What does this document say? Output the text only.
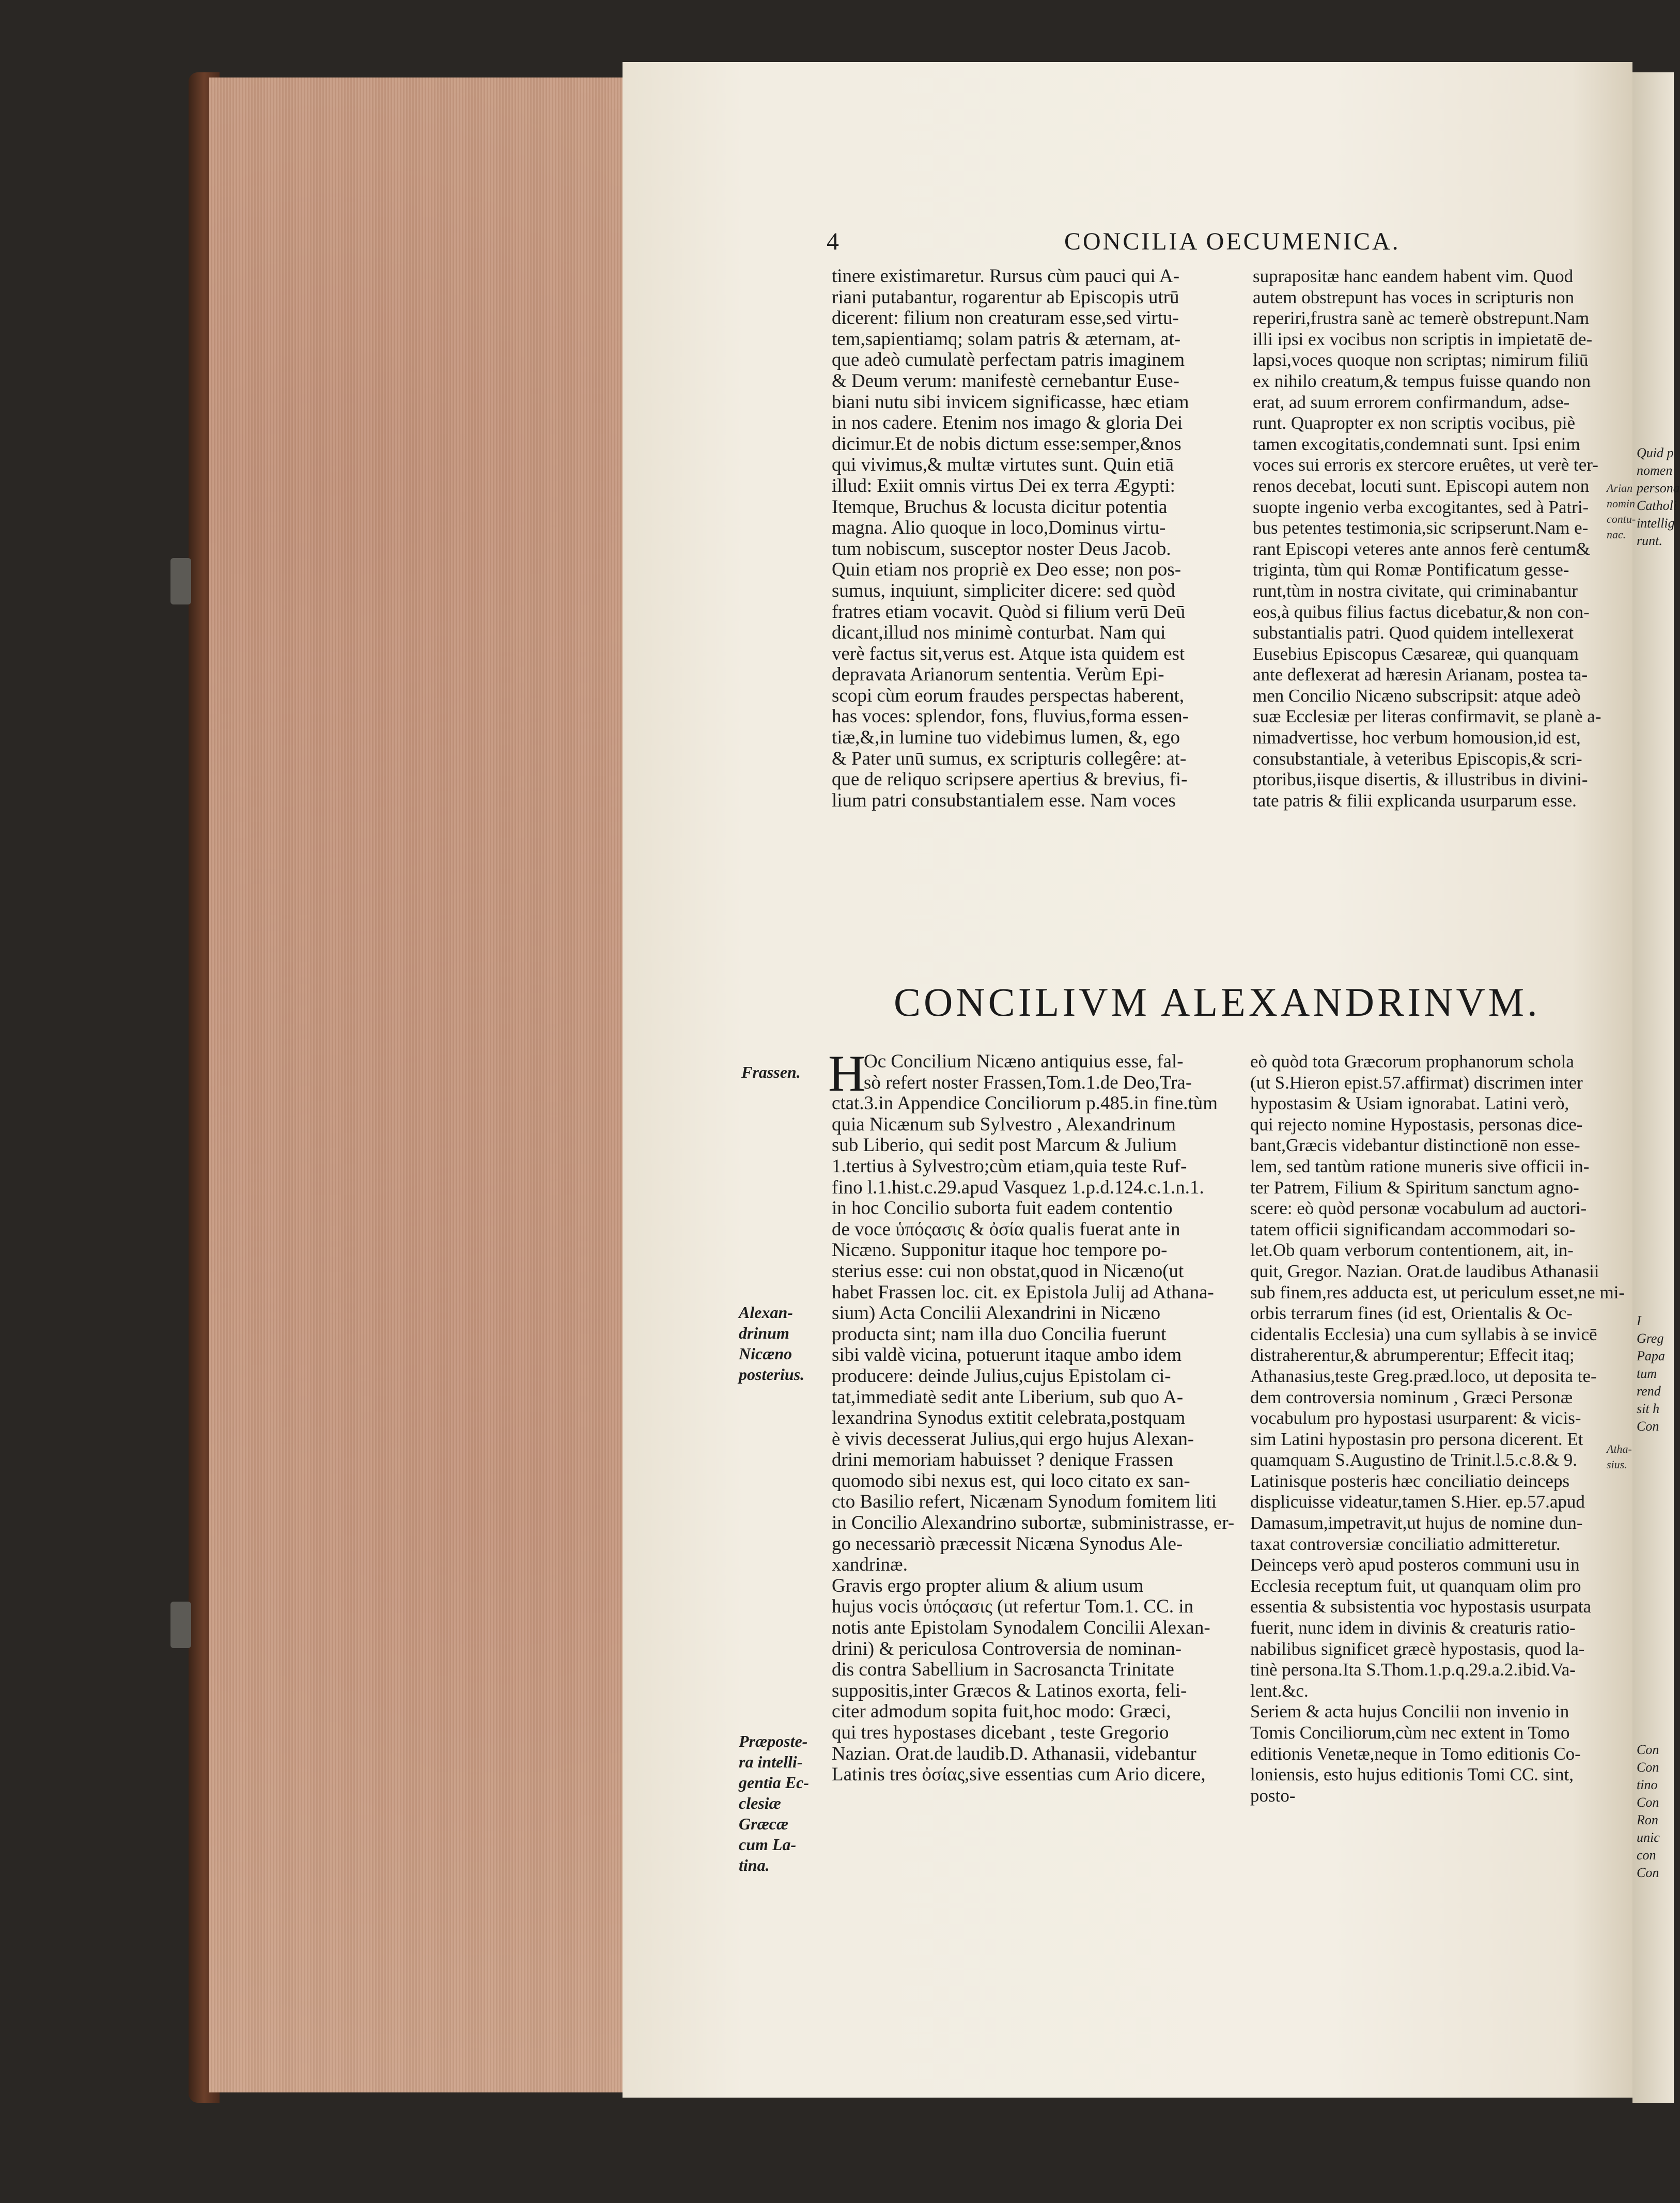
Quid p
nomen
persona
Catholi
intellig
runt.
I
Greg
Papa
tum
rend
sit h
Con
Con
Con
tino
Con
Ron
unic
con
Con
4	CONCILIA OECUMENICA.
tinere existimaretur. Rursus cùm pauci qui A-
riani putabantur, rogarentur ab Episcopis utrū
dicerent: filium non creaturam esse,sed virtu-
tem,sapientiamq; solam patris & æternam, at-
que adeò cumulatè perfectam patris imaginem
& Deum verum: manifestè cernebantur Euse-
biani nutu sibi invicem significasse, hæc etiam
in nos cadere. Etenim nos imago & gloria Dei
dicimur.Et de nobis dictum esse:semper,&nos
qui vivimus,& multæ virtutes sunt. Quin etiā
illud: Exiit omnis virtus Dei ex terra Ægypti:
Itemque, Bruchus & locusta dicitur potentia
magna. Alio quoque in loco,Dominus virtu-
tum nobiscum, susceptor noster Deus Jacob.
Quin etiam nos propriè ex Deo esse; non pos-
sumus, inquiunt, simpliciter dicere: sed quòd
fratres etiam vocavit. Quòd si filium verū Deū
dicant,illud nos minimè conturbat. Nam qui
verè factus sit,verus est. Atque ista quidem est
depravata Arianorum sententia. Verùm Epi-
scopi cùm eorum fraudes perspectas haberent,
has voces: splendor, fons, fluvius,forma essen-
tiæ,&,in lumine tuo videbimus lumen, &, ego
& Pater unū sumus, ex scripturis collegêre: at-
que de reliquo scripsere apertius & brevius, fi-
lium patri consubstantialem esse. Nam voces
suprapositæ hanc eandem habent vim. Quod
autem obstrepunt has voces in scripturis non
reperiri,frustra sanè ac temerè obstrepunt.Nam
illi ipsi ex vocibus non scriptis in impietatē de-
lapsi,voces quoque non scriptas; nimirum filiū
ex nihilo creatum,& tempus fuisse quando non
erat, ad suum errorem confirmandum, adse-
runt. Quapropter ex non scriptis vocibus, piè
tamen excogitatis,condemnati sunt. Ipsi enim
voces sui erroris ex stercore eruêtes, ut verè ter-
renos decebat, locuti sunt. Episcopi autem non
suopte ingenio verba excogitantes, sed à Patri-
bus petentes testimonia,sic scripserunt.Nam e-
rant Episcopi veteres ante annos ferè centum&
triginta, tùm qui Romæ Pontificatum gesse-
runt,tùm in nostra civitate, qui criminabantur
eos,à quibus filius factus dicebatur,& non con-
substantialis patri. Quod quidem intellexerat
Eusebius Episcopus Cæsareæ, qui quanquam
ante deflexerat ad hæresin Arianam, postea ta-
men Concilio Nicæno subscripsit: atque adeò
suæ Ecclesiæ per literas confirmavit, se planè a-
nimadvertisse, hoc verbum homousion,id est,
consubstantiale, à veteribus Episcopis,& scri-
ptoribus,iisque disertis, & illustribus in divini-
tate patris & filii explicanda usurparum esse.
CONCILIVM ALEXANDRINVM.
H
Oc Concilium Nicæno antiquius esse, fal-
sò refert noster Frassen,Tom.1.de Deo,Tra-
ctat.3.in Appendice Conciliorum p.485.in fine.tùm
quia Nicænum sub Sylvestro , Alexandrinum
sub Liberio, qui sedit post Marcum & Julium
1.tertius à Sylvestro;cùm etiam,quia teste Ruf-
fino l.1.hist.c.29.apud Vasquez 1.p.d.124.c.1.n.1.
in hoc Concilio suborta fuit eadem contentio
de voce ὑπόςασις & ὀσία qualis fuerat ante in
Nicæno. Supponitur itaque hoc tempore po-
sterius esse: cui non obstat,quod in Nicæno(ut
habet Frassen loc. cit. ex Epistola Julij ad Athana-
sium) Acta Concilii Alexandrini in Nicæno
producta sint; nam illa duo Concilia fuerunt
sibi valdè vicina, potuerunt itaque ambo idem
producere: deinde Julius,cujus Epistolam ci-
tat,immediatè sedit ante Liberium, sub quo A-
lexandrina Synodus extitit celebrata,postquam
è vivis decesserat Julius,qui ergo hujus Alexan-
drini memoriam habuisset ? denique Frassen
quomodo sibi nexus est, qui loco citato ex san-
cto Basilio refert, Nicænam Synodum fomitem liti
in Concilio Alexandrino subortæ, subministrasse, er-
go necessariò præcessit Nicæna Synodus Ale-
xandrinæ.
Gravis ergo propter alium & alium usum
hujus vocis ὑπόςασις (ut refertur Tom.1. CC. in
notis ante Epistolam Synodalem Concilii Alexan-
drini) & periculosa Controversia de nominan-
dis contra Sabellium in Sacrosancta Trinitate
suppositis,inter Græcos & Latinos exorta, feli-
citer admodum sopita fuit,hoc modo: Græci,
qui tres hypostases dicebant , teste Gregorio
Nazian. Orat.de laudib.D. Athanasii, videbantur
Latinis tres ὀσίας,sive essentias cum Ario dicere,
eò quòd tota Græcorum prophanorum schola
(ut S.Hieron epist.57.affirmat) discrimen inter
hypostasim & Usiam ignorabat. Latini verò,
qui rejecto nomine Hypostasis, personas dice-
bant,Græcis videbantur distinctionē non esse-
lem, sed tantùm ratione muneris sive officii in-
ter Patrem, Filium & Spiritum sanctum agno-
scere: eò quòd personæ vocabulum ad auctori-
tatem officii significandam accommodari so-
let.Ob quam verborum contentionem, ait, in-
quit, Gregor. Nazian. Orat.de laudibus Athanasii
sub finem,res adducta est, ut periculum esset,ne mi-
orbis terrarum fines (id est, Orientalis & Oc-
cidentalis Ecclesia) una cum syllabis à se invicē
distraherentur,& abrumperentur; Effecit itaq;
Athanasius,teste Greg.præd.loco, ut deposita te-
dem controversia nominum , Græci Personæ
vocabulum pro hypostasi usurparent: & vicis-
sim Latini hypostasin pro persona dicerent. Et
quamquam S.Augustino de Trinit.l.5.c.8.& 9.
Latinisque posteris hæc conciliatio deinceps
displicuisse videatur,tamen S.Hier. ep.57.apud
Damasum,impetravit,ut hujus de nomine dun-
taxat controversiæ conciliatio admitteretur.
Deinceps verò apud posteros communi usu in
Ecclesia receptum fuit, ut quanquam olim pro
essentia & subsistentia voc hypostasis usurpata
fuerit, nunc idem in divinis & creaturis ratio-
nabilibus significet græcè hypostasis, quod la-
tinè persona.Ita S.Thom.1.p.q.29.a.2.ibid.Va-
lent.&c.
Seriem & acta hujus Concilii non invenio in
Tomis Conciliorum,cùm nec extent in Tomo
editionis Venetæ,neque in Tomo editionis Co-
loniensis, esto hujus editionis Tomi CC. sint,
posto-
Frassen.
Alexan-
drinum
Nicæno
posterius.
Præposte-
ra intelli-
gentia Ec-
clesiæ
Græcæ
cum La-
tina.
Arian
nomin
contu-
nac.
Atha-
sius.
